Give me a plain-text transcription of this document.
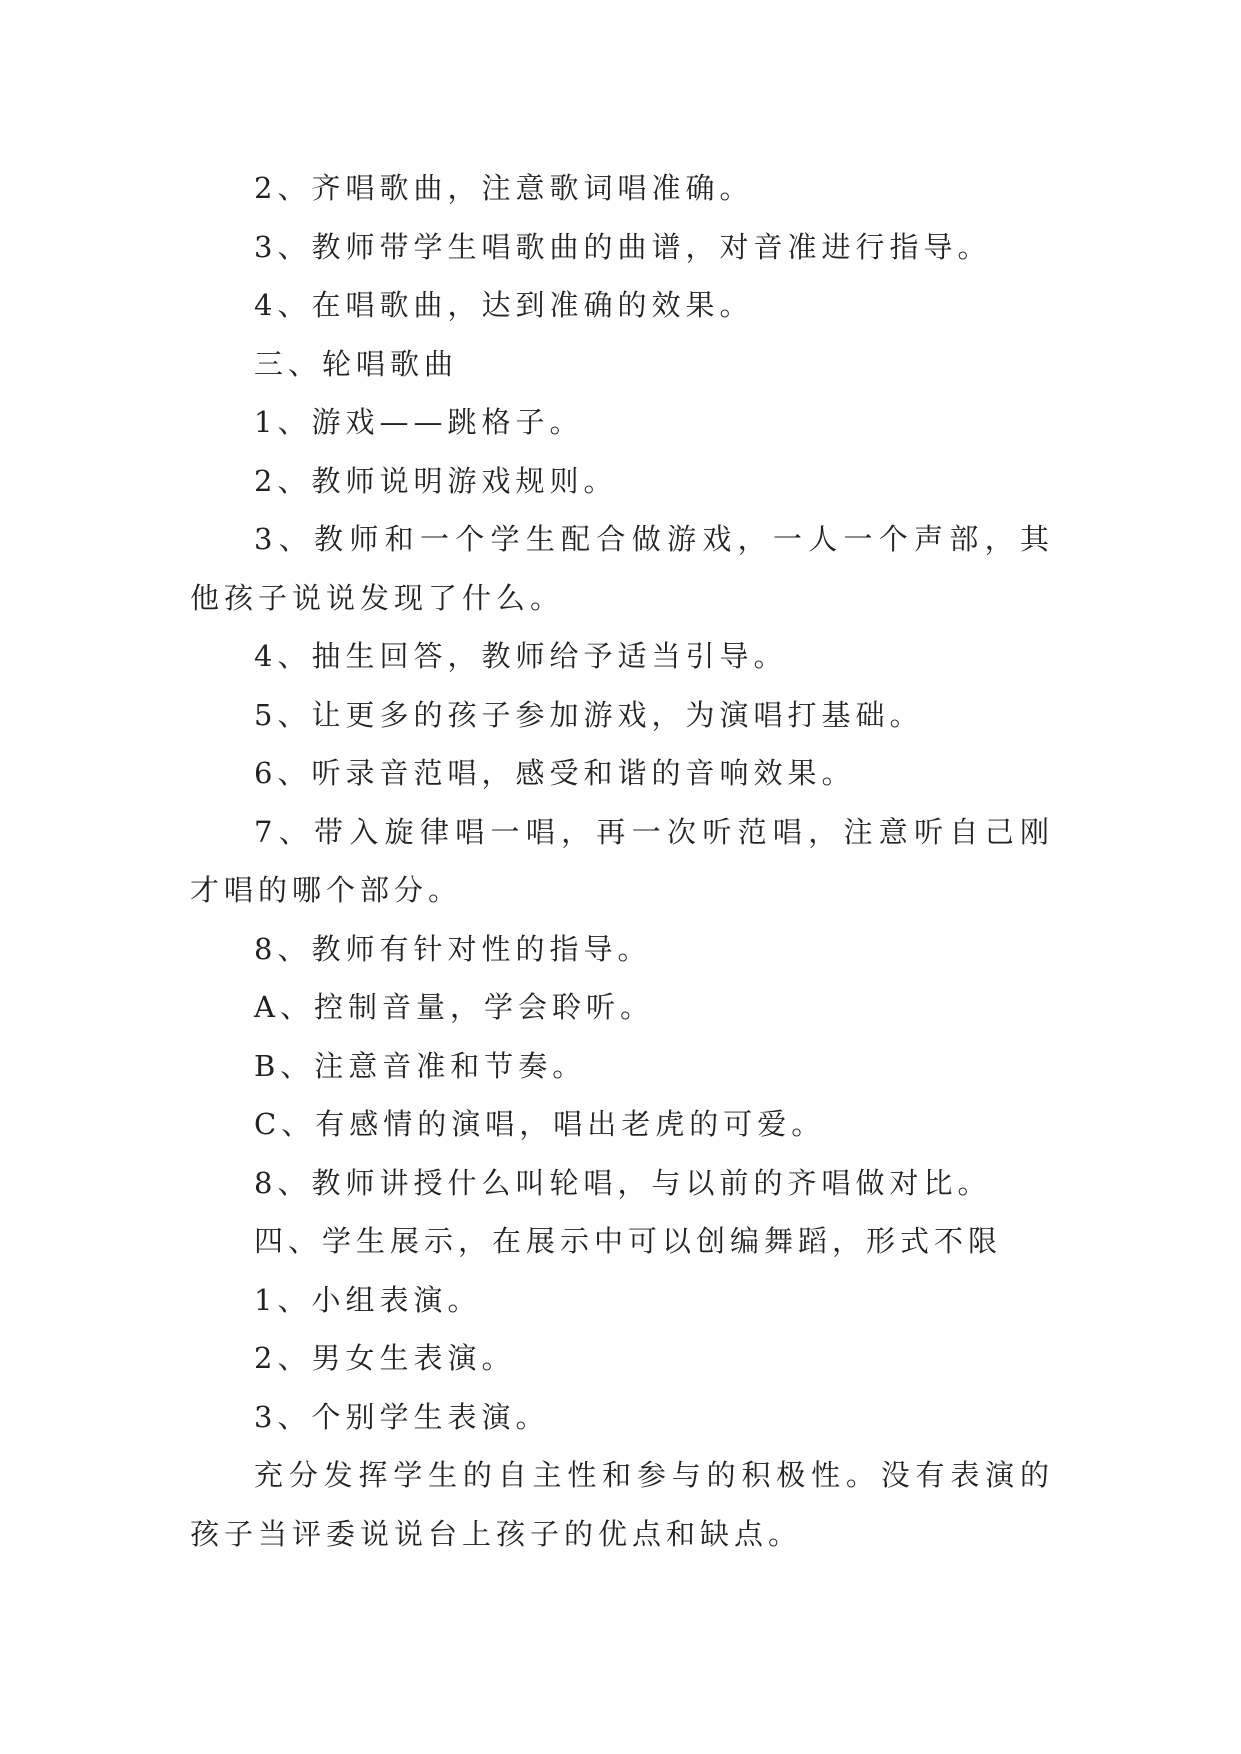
2、齐唱歌曲，注意歌词唱准确。

3、教师带学生唱歌曲的曲谱，对音准进行指导。

4、在唱歌曲，达到准确的效果。

三、轮唱歌曲

1、游戏——跳格子。

2、教师说明游戏规则。

3、教师和一个学生配合做游戏，一人一个声部，其他孩子说说发现了什么。

4、抽生回答，教师给予适当引导。

5、让更多的孩子参加游戏，为演唱打基础。

6、听录音范唱，感受和谐的音响效果。

7、带入旋律唱一唱，再一次听范唱，注意听自己刚才唱的哪个部分。

8、教师有针对性的指导。

A、控制音量，学会聆听。

B、注意音准和节奏。

C、有感情的演唱，唱出老虎的可爱。

8、教师讲授什么叫轮唱，与以前的齐唱做对比。

四、学生展示，在展示中可以创编舞蹈，形式不限

1、小组表演。

2、男女生表演。

3、个别学生表演。

充分发挥学生的自主性和参与的积极性。没有表演的孩子当评委说说台上孩子的优点和缺点。
